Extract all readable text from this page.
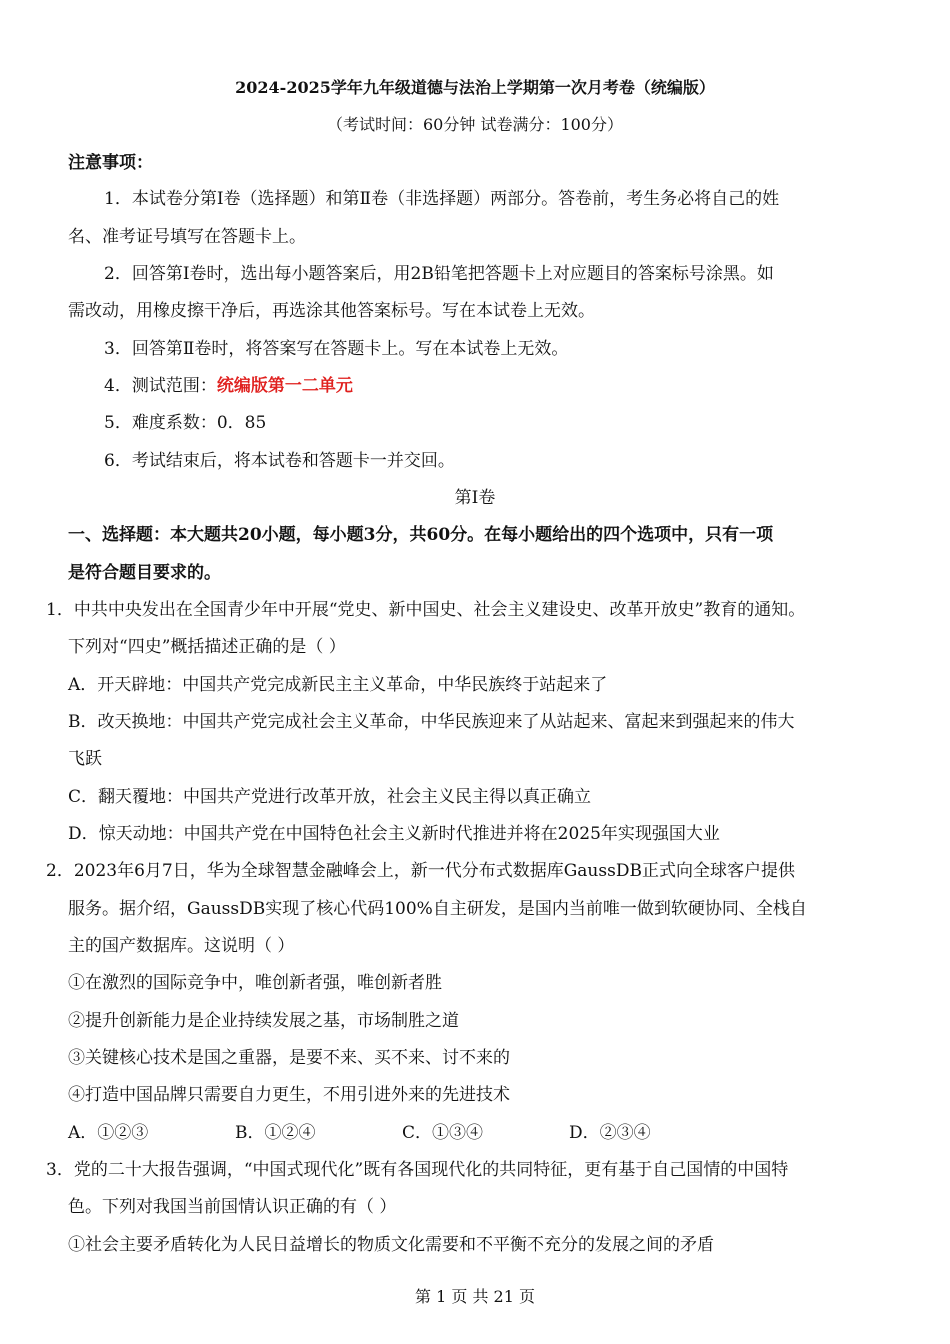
2024-2025学年九年级道德与法治上学期第一次月考卷（统编版）
（考试时间：60分钟 试卷满分：100分）
注意事项：
1．本试卷分第Ⅰ卷（选择题）和第Ⅱ卷（非选择题）两部分。答卷前，考生务必将自己的姓
名、准考证号填写在答题卡上。
2．回答第Ⅰ卷时，选出每小题答案后，用2B铅笔把答题卡上对应题目的答案标号涂黑。如
需改动，用橡皮擦干净后，再选涂其他答案标号。写在本试卷上无效。
3．回答第Ⅱ卷时，将答案写在答题卡上。写在本试卷上无效。
4．测试范围：统编版第一二单元
5．难度系数：0．85
6．考试结束后，将本试卷和答题卡一并交回。
第Ⅰ卷
一、选择题：本大题共20小题，每小题3分，共60分。在每小题给出的四个选项中，只有一项
是符合题目要求的。
1．中共中央发出在全国青少年中开展“党史、新中国史、社会主义建设史、改革开放史”教育的通知。
下列对“四史”概括描述正确的是（ ）
A．开天辟地：中国共产党完成新民主主义革命，中华民族终于站起来了
B．改天换地：中国共产党完成社会主义革命，中华民族迎来了从站起来、富起来到强起来的伟大
飞跃
C．翻天覆地：中国共产党进行改革开放，社会主义民主得以真正确立
D．惊天动地：中国共产党在中国特色社会主义新时代推进并将在2025年实现强国大业
2．2023年6月7日，华为全球智慧金融峰会上，新一代分布式数据库GaussDB正式向全球客户提供
服务。据介绍，GaussDB实现了核心代码100%自主研发，是国内当前唯一做到软硬协同、全栈自
主的国产数据库。这说明（ ）
①在激烈的国际竞争中，唯创新者强，唯创新者胜
②提升创新能力是企业持续发展之基，市场制胜之道
③关键核心技术是国之重器，是要不来、买不来、讨不来的
④打造中国品牌只需要自力更生，不用引进外来的先进技术
A．①②③	B．①②④	C．①③④	D．②③④
3．党的二十大报告强调，“中国式现代化”既有各国现代化的共同特征，更有基于自己国情的中国特
色。下列对我国当前国情认识正确的有（ ）
①社会主要矛盾转化为人民日益增长的物质文化需要和不平衡不充分的发展之间的矛盾
第 1 页 共 21 页
